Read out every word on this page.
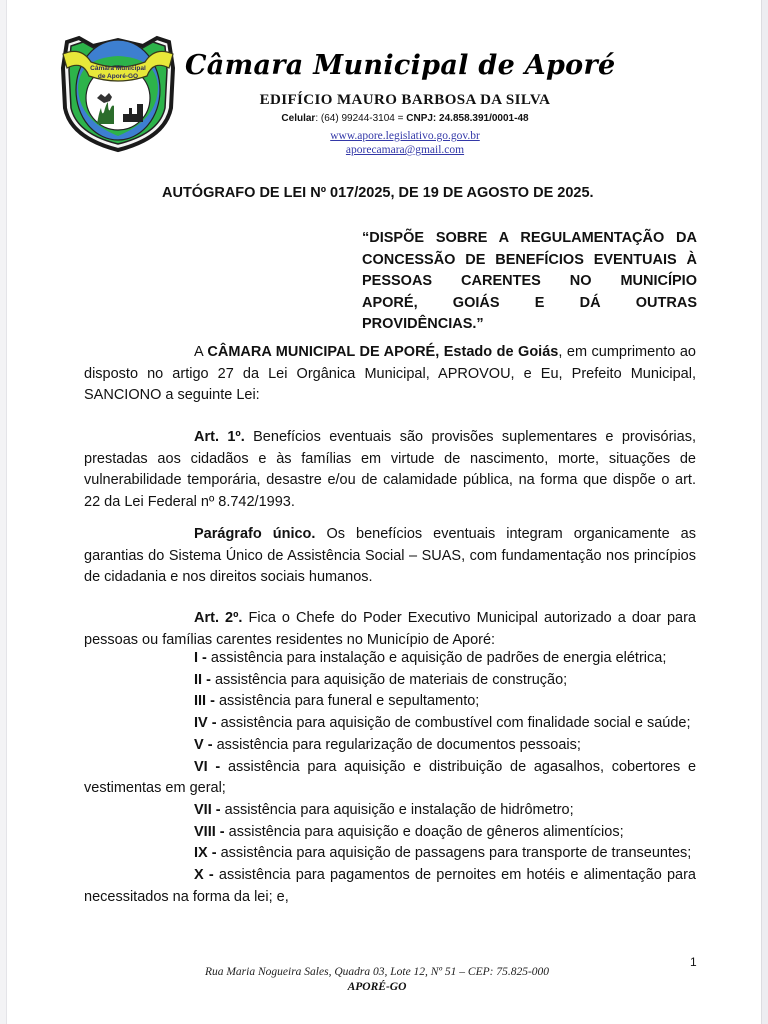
Câmara Municipal
de Aporé-GO Câmara Municipal de Aporé
EDIFÍCIO MAURO BARBOSA DA SILVA
Celular: (64) 99244-3104 = CNPJ: 24.858.391/0001-48
www.apore.legislativo.go.gov.br
aporecamara@gmail.com
AUTÓGRAFO DE LEI Nº 017/2025, DE 19 DE AGOSTO DE 2025.
“DISPÕE SOBRE A REGULAMENTAÇÃO DA
CONCESSÃO DE BENEFÍCIOS EVENTUAIS À
PESSOAS CARENTES NO MUNICÍPIO
APORÉ, GOIÁS E DÁ OUTRAS
PROVIDÊNCIAS.”
A CÂMARA MUNICIPAL DE APORÉ, Estado de Goiás, em cumprimento ao disposto no artigo 27 da Lei Orgânica Municipal, APROVOU, e Eu, Prefeito Municipal, SANCIONO a seguinte Lei:
Art. 1º. Benefícios eventuais são provisões suplementares e provisórias, prestadas aos cidadãos e às famílias em virtude de nascimento, morte, situações de vulnerabilidade temporária, desastre e/ou de calamidade pública, na forma que dispõe o art. 22 da Lei Federal nº 8.742/1993.
Parágrafo único. Os benefícios eventuais integram organicamente as garantias do Sistema Único de Assistência Social – SUAS, com fundamentação nos princípios de cidadania e nos direitos sociais humanos.
Art. 2º. Fica o Chefe do Poder Executivo Municipal autorizado a doar para pessoas ou famílias carentes residentes no Município de Aporé:
I - assistência para instalação e aquisição de padrões de energia elétrica;
II - assistência para aquisição de materiais de construção;
III - assistência para funeral e sepultamento;
IV - assistência para aquisição de combustível com finalidade social e saúde;
V - assistência para regularização de documentos pessoais;
VI - assistência para aquisição e distribuição de agasalhos, cobertores e vestimentas em geral;
VII - assistência para aquisição e instalação de hidrômetro;
VIII - assistência para aquisição e doação de gêneros alimentícios;
IX - assistência para aquisição de passagens para transporte de transeuntes;
X - assistência para pagamentos de pernoites em hotéis e alimentação para necessitados na forma da lei; e,
1
Rua Maria Nogueira Sales, Quadra 03, Lote 12, Nº 51 – CEP: 75.825-000
APORÉ-GO
